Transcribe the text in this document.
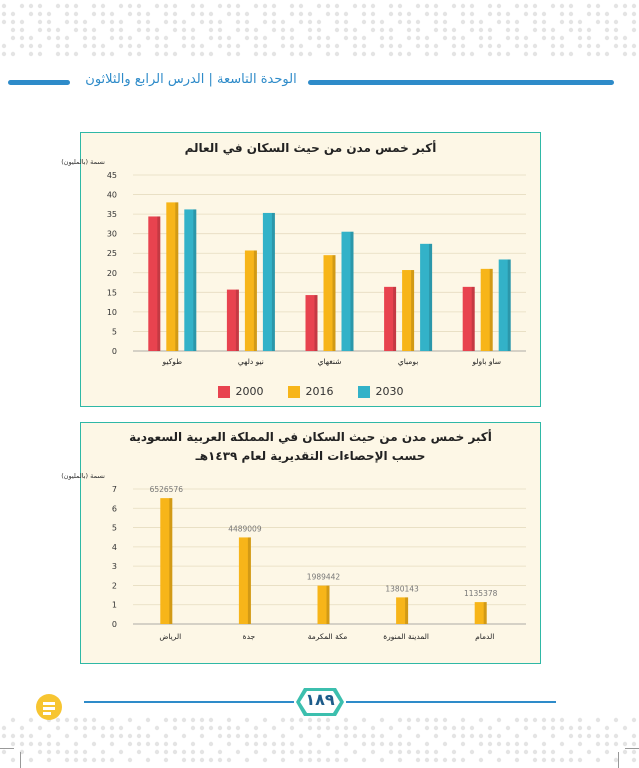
الوحدة التاسعة | الدرس الرابع والثلاثون
أكبر خمس مدن من حيث السكان في العالم
نسمة (بالمليون)
0
5
10
15
20
25
30
35
40
45
طوكيو	نيو دلهي	شنغهاي	بومباي	ساو باولو
2000	2016	2030
أكبر خمس مدن من حيث السكان في المملكة العربية السعودية
حسب الإحصاءات التقديرية لعام ١٤٣٩هـ
نسمة (بالمليون)
0
1
2
3
4
5
6
7	6526576
الرياض
4489009
جدة
1989442
مكة المكرمة
1380143
المدينة المنورة
1135378
الدمام
١٨٩
